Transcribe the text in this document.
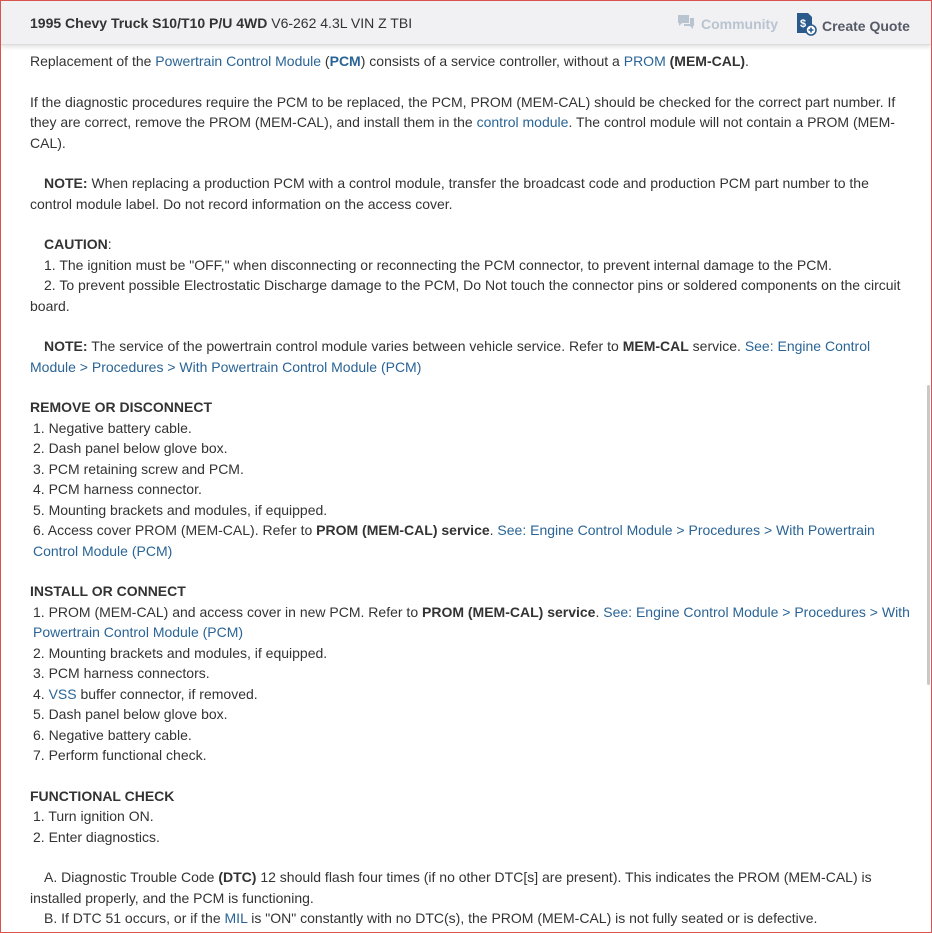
1995 Chevy Truck S10/T10 P/U 4WD V6-262 4.3L VIN Z TBI	Community $ Create Quote

Replacement of the Powertrain Control Module (PCM) consists of a service controller, without a PROM (MEM-CAL).

If the diagnostic procedures require the PCM to be replaced, the PCM, PROM (MEM-CAL) should be checked for the correct part number. If they are correct, remove the PROM (MEM-CAL), and install them in the control module. The control module will not contain a PROM (MEM-CAL).

NOTE: When replacing a production PCM with a control module, transfer the broadcast code and production PCM part number to the control module label. Do not record information on the access cover.

CAUTION:

1. The ignition must be "OFF," when disconnecting or reconnecting the PCM connector, to prevent internal damage to the PCM.

2. To prevent possible Electrostatic Discharge damage to the PCM, Do Not touch the connector pins or soldered components on the circuit board.

NOTE: The service of the powertrain control module varies between vehicle service. Refer to MEM-CAL service. See: Engine Control Module > Procedures > With Powertrain Control Module (PCM)

REMOVE OR DISCONNECT

1. Negative battery cable.

2. Dash panel below glove box.

3. PCM retaining screw and PCM.

4. PCM harness connector.

5. Mounting brackets and modules, if equipped.

6. Access cover PROM (MEM-CAL). Refer to PROM (MEM-CAL) service. See: Engine Control Module > Procedures > With Powertrain Control Module (PCM)

INSTALL OR CONNECT

1. PROM (MEM-CAL) and access cover in new PCM. Refer to PROM (MEM-CAL) service. See: Engine Control Module > Procedures > With Powertrain Control Module (PCM)

2. Mounting brackets and modules, if equipped.

3. PCM harness connectors.

4. VSS buffer connector, if removed.

5. Dash panel below glove box.

6. Negative battery cable.

7. Perform functional check.

FUNCTIONAL CHECK

1. Turn ignition ON.

2. Enter diagnostics.

A. Diagnostic Trouble Code (DTC) 12 should flash four times (if no other DTC[s] are present). This indicates the PROM (MEM-CAL) is installed properly, and the PCM is functioning.

B. If DTC 51 occurs, or if the MIL is "ON" constantly with no DTC(s), the PROM (MEM-CAL) is not fully seated or is defective.
